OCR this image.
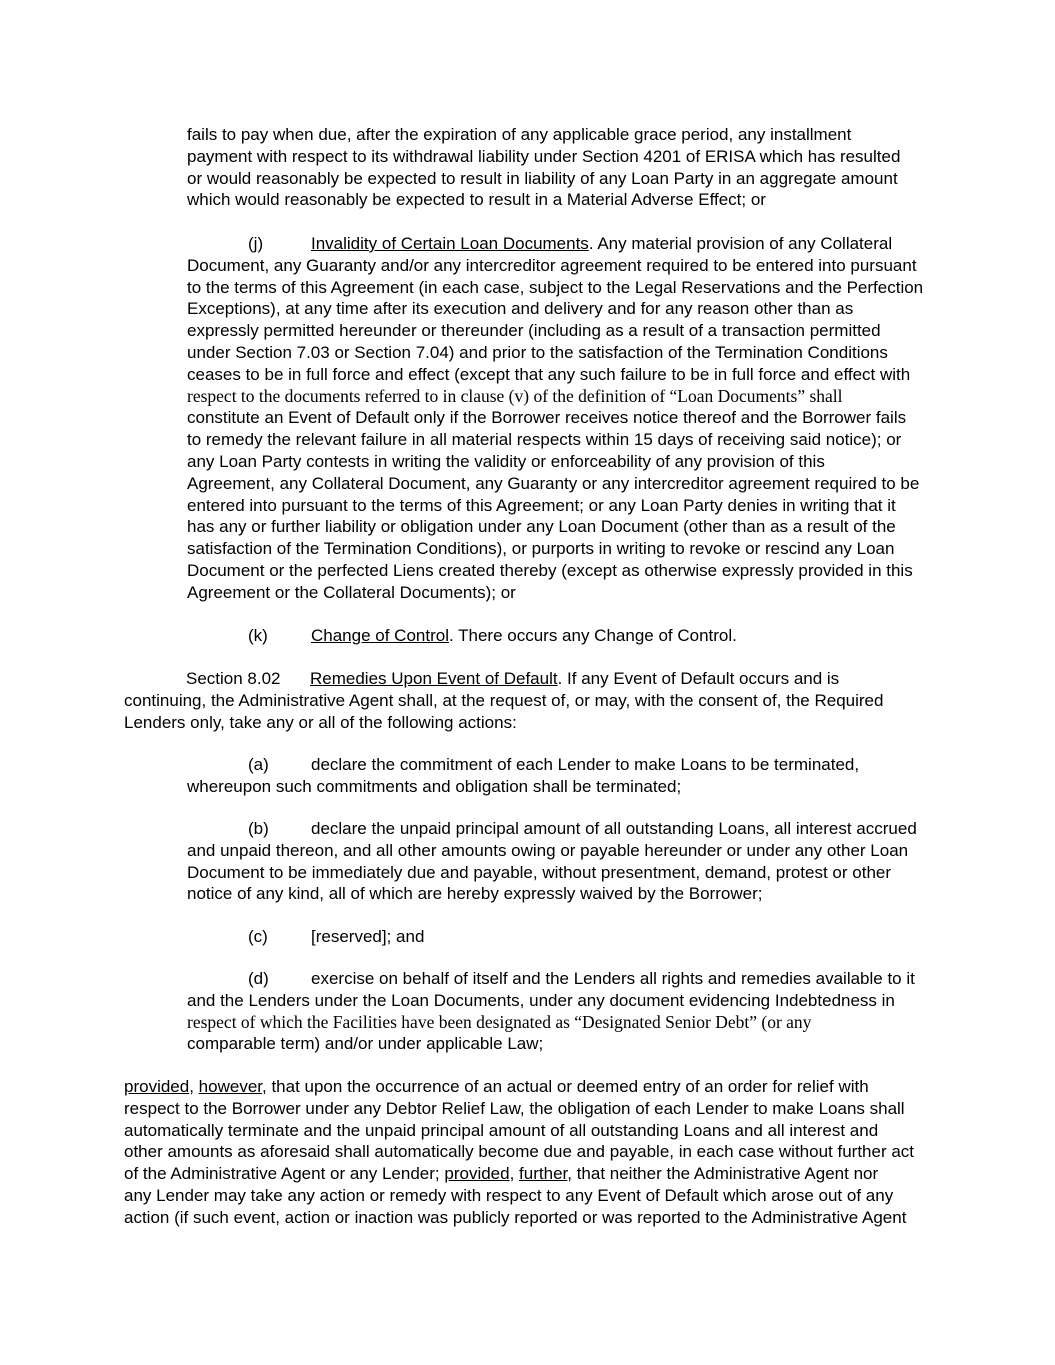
fails to pay when due, after the expiration of any applicable grace period, any installment
payment with respect to its withdrawal liability under Section 4201 of ERISA which has resulted
or would reasonably be expected to result in liability of any Loan Party in an aggregate amount
which would reasonably be expected to result in a Material Adverse Effect; or
(j)	Invalidity of Certain Loan Documents. Any material provision of any Collateral
Document, any Guaranty and/or any intercreditor agreement required to be entered into pursuant
to the terms of this Agreement (in each case, subject to the Legal Reservations and the Perfection
Exceptions), at any time after its execution and delivery and for any reason other than as
expressly permitted hereunder or thereunder (including as a result of a transaction permitted
under Section 7.03 or Section 7.04) and prior to the satisfaction of the Termination Conditions
ceases to be in full force and effect (except that any such failure to be in full force and effect with
respect to the documents referred to in clause (v) of the definition of “Loan Documents” shall
constitute an Event of Default only if the Borrower receives notice thereof and the Borrower fails
to remedy the relevant failure in all material respects within 15 days of receiving said notice); or
any Loan Party contests in writing the validity or enforceability of any provision of this
Agreement, any Collateral Document, any Guaranty or any intercreditor agreement required to be
entered into pursuant to the terms of this Agreement; or any Loan Party denies in writing that it
has any or further liability or obligation under any Loan Document (other than as a result of the
satisfaction of the Termination Conditions), or purports in writing to revoke or rescind any Loan
Document or the perfected Liens created thereby (except as otherwise expressly provided in this
Agreement or the Collateral Documents); or
(k)	Change of Control. There occurs any Change of Control.
Section 8.02 Remedies Upon Event of Default. If any Event of Default occurs and is
continuing, the Administrative Agent shall, at the request of, or may, with the consent of, the Required
Lenders only, take any or all of the following actions:
(a) declare the commitment of each Lender to make Loans to be terminated,
whereupon such commitments and obligation shall be terminated;
(b) declare the unpaid principal amount of all outstanding Loans, all interest accrued
and unpaid thereon, and all other amounts owing or payable hereunder or under any other Loan
Document to be immediately due and payable, without presentment, demand, protest or other
notice of any kind, all of which are hereby expressly waived by the Borrower;
(c)	[reserved]; and
(d) exercise on behalf of itself and the Lenders all rights and remedies available to it
and the Lenders under the Loan Documents, under any document evidencing Indebtedness in
respect of which the Facilities have been designated as “Designated Senior Debt” (or any
comparable term) and/or under applicable Law;
provided, however, that upon the occurrence of an actual or deemed entry of an order for relief with
respect to the Borrower under any Debtor Relief Law, the obligation of each Lender to make Loans shall
automatically terminate and the unpaid principal amount of all outstanding Loans and all interest and
other amounts as aforesaid shall automatically become due and payable, in each case without further act
of the Administrative Agent or any Lender; provided, further, that neither the Administrative Agent nor
any Lender may take any action or remedy with respect to any Event of Default which arose out of any
action (if such event, action or inaction was publicly reported or was reported to the Administrative Agent
